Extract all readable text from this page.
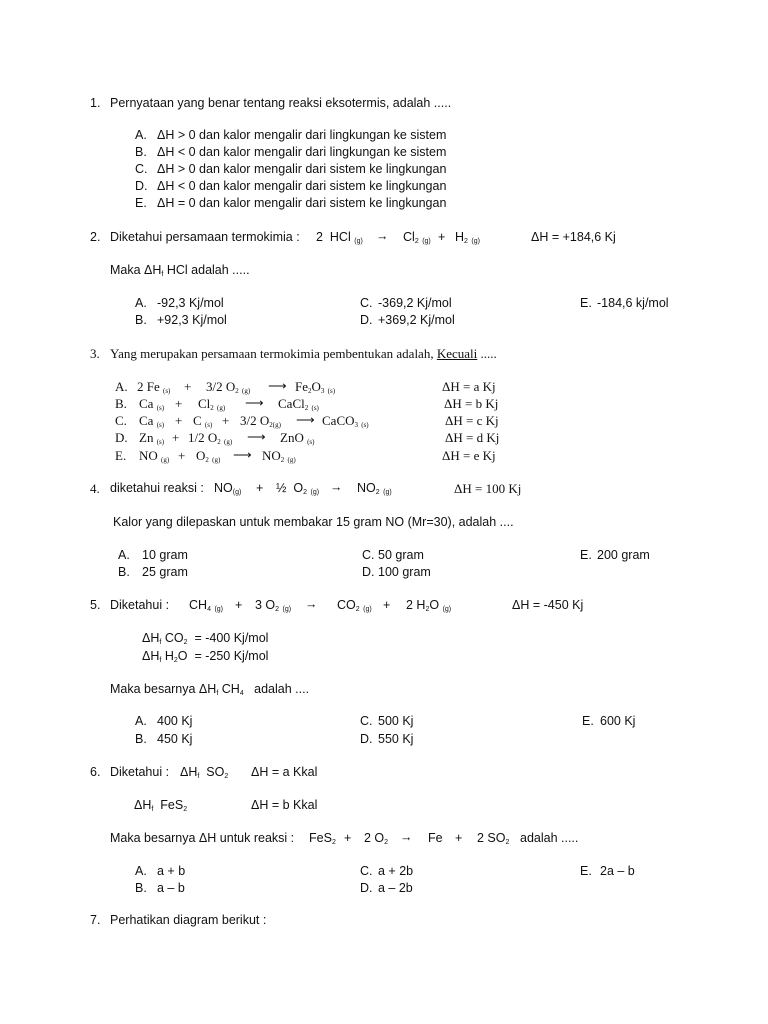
1. Pernyataan yang benar tentang reaksi eksotermis, adalah .....
A. ΔH > 0 dan kalor mengalir dari lingkungan ke sistem
B. ΔH < 0 dan kalor mengalir dari lingkungan ke sistem
C. ΔH > 0 dan kalor mengalir dari sistem ke lingkungan
D. ΔH < 0 dan kalor mengalir dari sistem ke lingkungan
E. ΔH = 0 dan kalor mengalir dari sistem ke lingkungan
2. Diketahui persamaan termokimia : 2 HCl $_{(g)} \to Cl_2$ $_{(g)} + H_2$ $_{(g)}$	ΔH = +184,6 Kj
Maka $\Delta H_f$ HCl adalah .....
A. -92,3 Kj/mol
B. +92,3 Kj/mol
C. -369,2 Kj/mol
D. +369,2 Kj/mol
E. -184,6 kj/mol
3. Yang merupakan persamaan termokimia pembentukan adalah, Kecuali .....
A. 2 Fe $_{(s)}$ + 3/2 $O_2$ $_{(g)}$ ⟶ $Fe_2O_3$ $_{(s)}$	ΔH = a Kj
B. Ca $_{(s)} + Cl_2$ $_{(g)}$ ⟶ CaCl$_2$ $_{(s)}$	ΔH = b Kj
C. Ca $_{(s)}$ + C $_{(s)}$ + 3/2 $O_{2(g)}$ ⟶ CaCO$_3$ $_{(s)}$	ΔH = c Kj
D. Zn $_{(s)}$ + 1/2 $O_2$ $_{(g)}$ ⟶ ZnO $_{(s)}$	ΔH = d Kj
E. NO $_{(g)} + O_2$ $_{(g)}$ ⟶ $NO_2$ $_{(g)}$	ΔH = e Kj
4. diketahui reaksi : $NO_{(g)}$ + ½ $O_2$ $_{(g)} \to NO_2$ $_{(g)}$	ΔH = 100 Kj
Kalor yang dilepaskan untuk membakar 15 gram NO (Mr=30), adalah ....
A. 10 gram
B. 25 gram
C. 50 gram
D. 100 gram
E. 200 gram
5. Diketahui : $CH_4$ $_{(g)}$ + 3 $O_2$ $_{(g)} \to CO_2$ $_{(g)}$ + 2 $H_2O$ $_{(g)}$	ΔH = -450 Kj
$\Delta H_f$ $CO_2 = -400$ Kj/mol
$\Delta H_f$ $H_2O = -250$ Kj/mol
Maka besarnya $\Delta H_f$ $CH_4$ adalah ....
A. 400 Kj
B. 450 Kj
C. 500 Kj
D. 550 Kj
E. 600 Kj
6. Diketahui : $\Delta H_f$ $SO_2$ ΔH = a Kkal
$\Delta H_f$ FeS$_2$	ΔH = b Kkal
Maka besarnya ΔH untuk reaksi : FeS$_2$ + 2 $O_2 \to Fe + 2$ $SO_2$ adalah .....
A. a + b
B. a – b
C. a + 2b
D. a – 2b
E. 2a – b
7. Perhatikan diagram berikut :
